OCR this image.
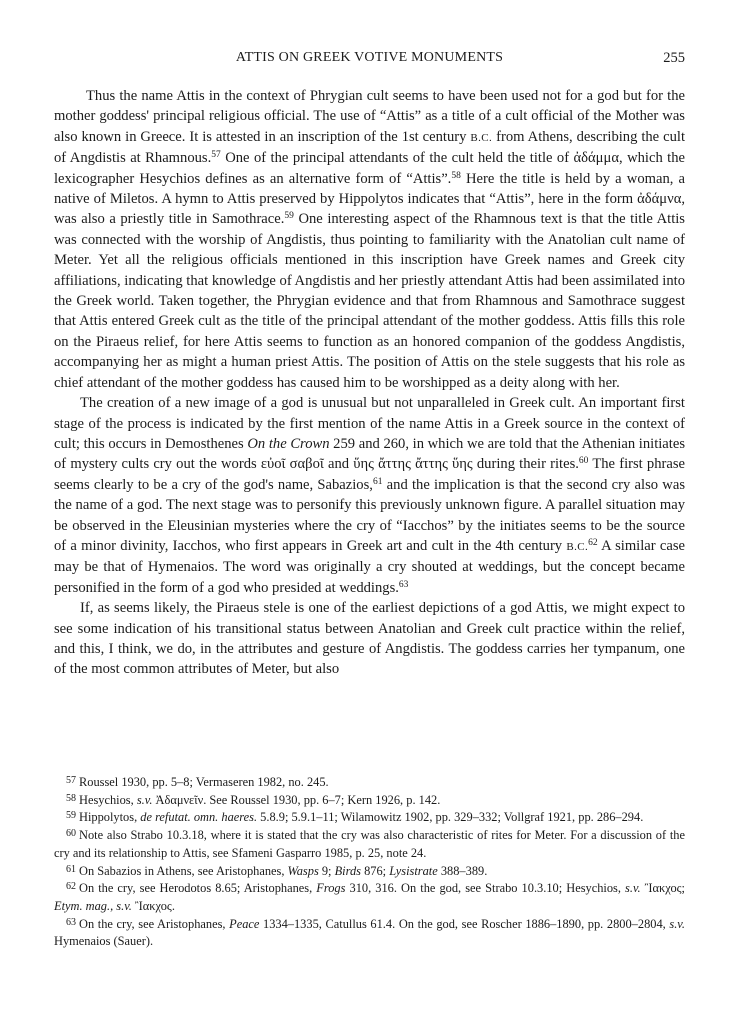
ATTIS ON GREEK VOTIVE MONUMENTS	255

Thus the name Attis in the context of Phrygian cult seems to have been used not for a god but for the mother goddess' principal religious official. The use of “Attis” as a title of a cult official of the Mother was also known in Greece. It is attested in an inscription of the 1st century B.C. from Athens, describing the cult of Angdistis at Rhamnous.$^{57}$ One of the principal attendants of the cult held the title of ἀδάμμα, which the lexicographer Hesychios defines as an alternative form of “Attis”.$^{58}$ Here the title is held by a woman, a native of Miletos. A hymn to Attis preserved by Hippolytos indicates that “Attis”, here in the form ἀδάμνα, was also a priestly title in Samothrace.$^{59}$ One interesting aspect of the Rhamnous text is that the title Attis was connected with the worship of Angdistis, thus pointing to familiarity with the Anatolian cult name of Meter. Yet all the religious officials mentioned in this inscription have Greek names and Greek city affiliations, indicating that knowledge of Angdistis and her priestly attendant Attis had been assimilated into the Greek world. Taken together, the Phrygian evidence and that from Rhamnous and Samothrace suggest that Attis entered Greek cult as the title of the principal attendant of the mother goddess. Attis fills this role on the Piraeus relief, for here Attis seems to function as an honored companion of the goddess Angdistis, accompanying her as might a human priest Attis. The position of Attis on the stele suggests that his role as chief attendant of the mother goddess has caused him to be worshipped as a deity along with her.

The creation of a new image of a god is unusual but not unparalleled in Greek cult. An important first stage of the process is indicated by the first mention of the name Attis in a Greek source in the context of cult; this occurs in Demosthenes On the Crown 259 and 260, in which we are told that the Athenian initiates of mystery cults cry out the words εὐοῖ σαβοῖ and ὕης ἄττης ἄττης ὕης during their rites.$^{60}$ The first phrase seems clearly to be a cry of the god's name, Sabazios,$^{61}$ and the implication is that the second cry also was the name of a god. The next stage was to personify this previously unknown figure. A parallel situation may be observed in the Eleusinian mysteries where the cry of “Iacchos” by the initiates seems to be the source of a minor divinity, Iacchos, who first appears in Greek art and cult in the 4th century B.C.$^{62}$ A similar case may be that of Hymenaios. The word was originally a cry shouted at weddings, but the concept became personified in the form of a god who presided at weddings.$^{63}$

If, as seems likely, the Piraeus stele is one of the earliest depictions of a god Attis, we might expect to see some indication of his transitional status between Anatolian and Greek cult practice within the relief, and this, I think, we do, in the attributes and gesture of Angdistis. The goddess carries her tympanum, one of the most common attributes of Meter, but also

$^{57}$ Roussel 1930, pp. 5–8; Vermaseren 1982, no. 245.

$^{58}$ Hesychios, s.v. Ἀδαμνεῖν. See Roussel 1930, pp. 6–7; Kern 1926, p. 142.

$^{59}$ Hippolytos, de refutat. omn. haeres. 5.8.9; 5.9.1–11; Wilamowitz 1902, pp. 329–332; Vollgraf 1921, pp. 286–294.

$^{60}$ Note also Strabo 10.3.18, where it is stated that the cry was also characteristic of rites for Meter. For a discussion of the cry and its relationship to Attis, see Sfameni Gasparro 1985, p. 25, note 24.

$^{61}$ On Sabazios in Athens, see Aristophanes, Wasps 9; Birds 876; Lysistrate 388–389.

$^{62}$ On the cry, see Herodotos 8.65; Aristophanes, Frogs 310, 316. On the god, see Strabo 10.3.10; Hesychios, s.v. Ἲακχος; Etym. mag., s.v. Ἲακχος.

$^{63}$ On the cry, see Aristophanes, Peace 1334–1335, Catullus 61.4. On the god, see Roscher 1886–1890, pp. 2800–2804, s.v. Hymenaios (Sauer).
